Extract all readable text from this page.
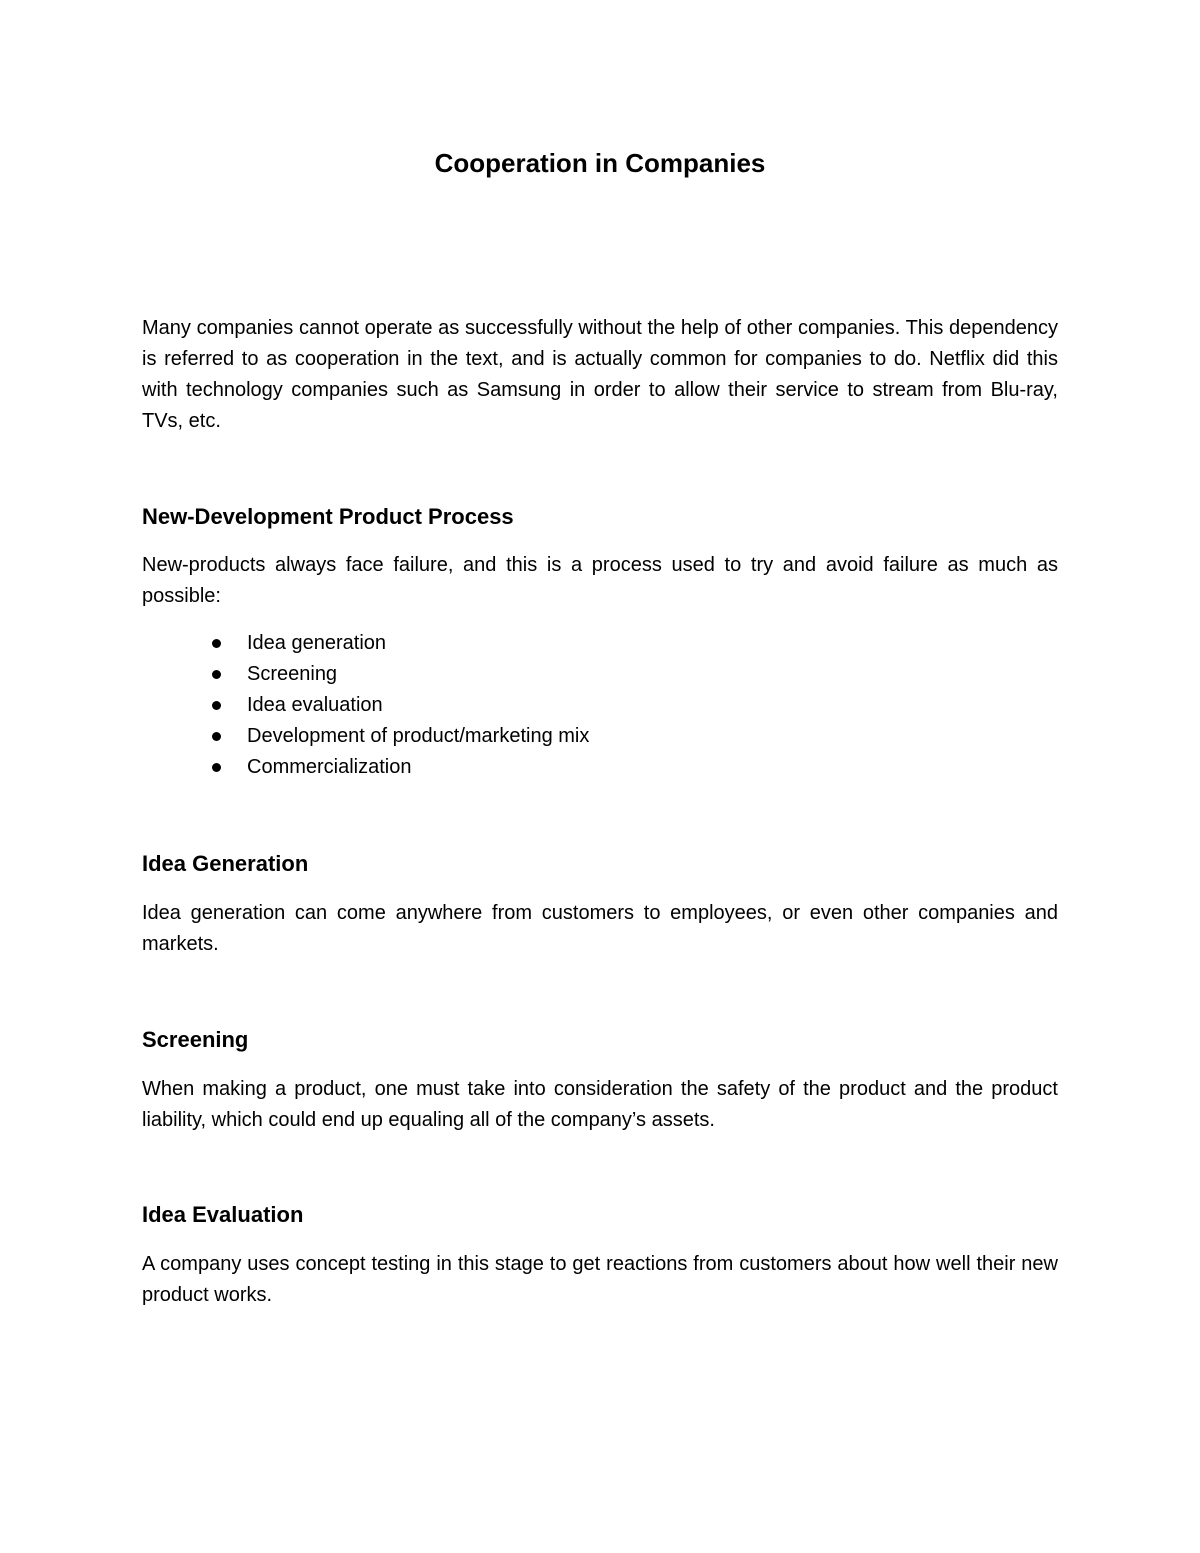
Cooperation in Companies

Many companies cannot operate as successfully without the help of other companies. This dependency is referred to as cooperation in the text, and is actually common for companies to do. Netflix did this with technology companies such as Samsung in order to allow their service to stream from Blu-ray, TVs, etc.

New-Development Product Process

New-products always face failure, and this is a process used to try and avoid failure as much as possible:

Idea generation
Screening
Idea evaluation
Development of product/marketing mix
Commercialization
Idea Generation

Idea generation can come anywhere from customers to employees, or even other companies and markets.

Screening

When making a product, one must take into consideration the safety of the product and the product liability, which could end up equaling all of the company’s assets.

Idea Evaluation

A company uses concept testing in this stage to get reactions from customers about how well their new product works.
